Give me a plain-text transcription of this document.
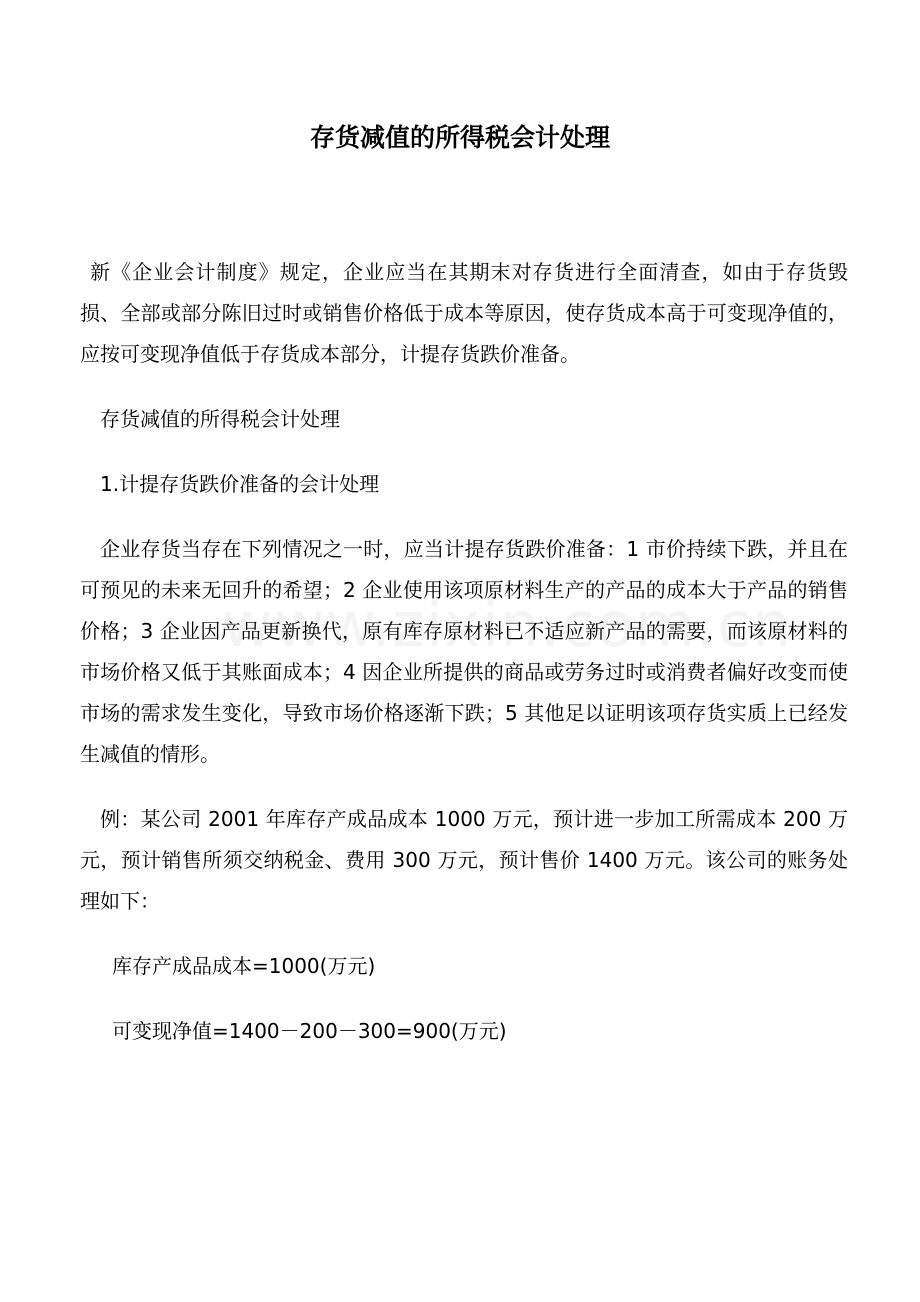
存货减值的所得税会计处理

新《企业会计制度》规定，企业应当在其期末对存货进行全面清查，如由于存货毁损、全部或部分陈旧过时或销售价格低于成本等原因，使存货成本高于可变现净值的，应按可变现净值低于存货成本部分，计提存货跌价准备。

存货减值的所得税会计处理

1.计提存货跌价准备的会计处理

企业存货当存在下列情况之一时，应当计提存货跌价准备：1 市价持续下跌，并且在可预见的未来无回升的希望；2 企业使用该项原材料生产的产品的成本大于产品的销售价格；3 企业因产品更新换代，原有库存原材料已不适应新产品的需要，而该原材料的市场价格又低于其账面成本；4 因企业所提供的商品或劳务过时或消费者偏好改变而使市场的需求发生变化，导致市场价格逐渐下跌；5 其他足以证明该项存货实质上已经发生减值的情形。

例：某公司 2001 年库存产成品成本 1000 万元，预计进一步加工所需成本 200 万元，预计销售所须交纳税金、费用 300 万元，预计售价 1400 万元。该公司的账务处理如下：

库存产成品成本=1000(万元)

可变现净值=1400－200－300=900(万元)
